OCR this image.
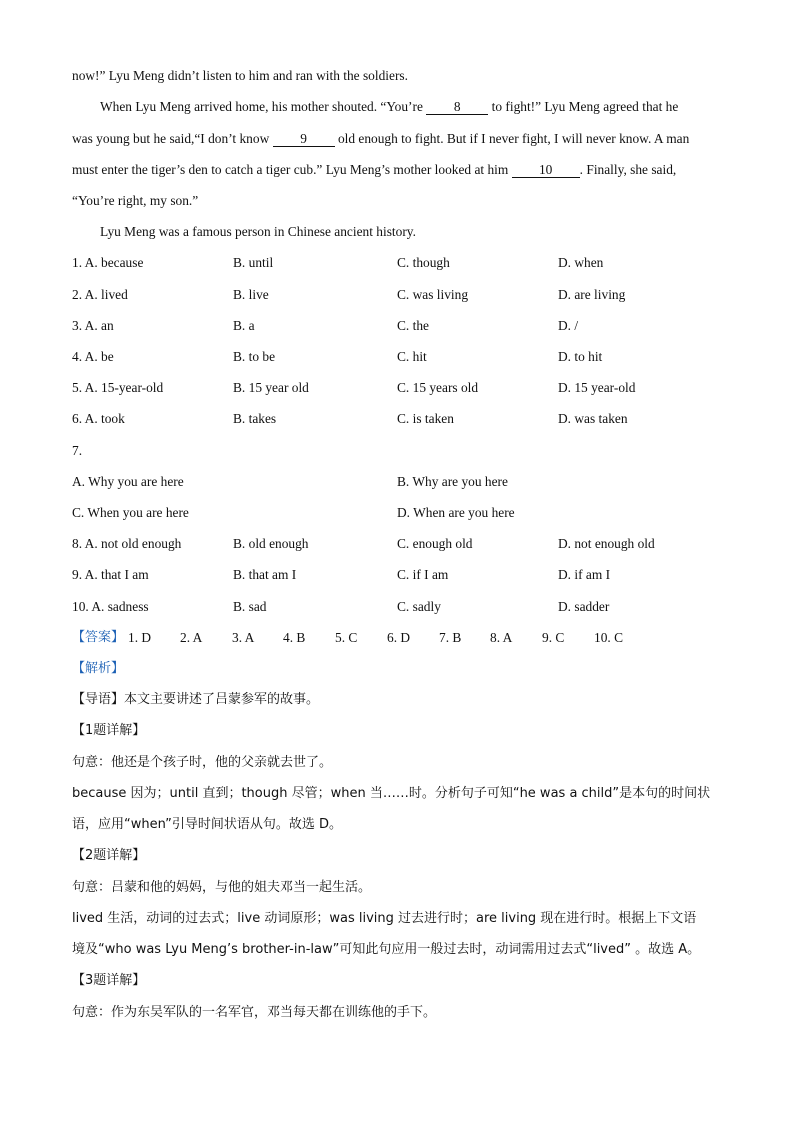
now!” Lyu Meng didn’t listen to him and ran with the soldiers.
When Lyu Meng arrived home, his mother shouted. “You’re 8 to fight!” Lyu Meng agreed that he
was young but he said,“I don’t know 9 old enough to fight. But if I never fight, I will never know. A man
must enter the tiger’s den to catch a tiger cub.” Lyu Meng’s mother looked at him 10 . Finally, she said,
“You’re right, my son.”
Lyu Meng was a famous person in Chinese ancient history.
1. A. because	B. until	C. though	D. when
2. A. lived	B. live	C. was living	D. are living
3. A. an	B. a	C. the	D. /
4. A. be	B. to be	C. hit	D. to hit
5. A. 15-year-old	B. 15 year old	C. 15 years old	D. 15 year-old
6. A. took	B. takes	C. is taken	D. was taken
7.
A. Why you are here	B. Why are you here
C. When you are here	D. When are you here
8. A. not old enough	B. old enough	C. enough old	D. not enough old
9. A. that I am	B. that am I	C. if I am	D. if am I
10. A. sadness	B. sad	C. sadly	D. sadder
【答案】 1. D 2. A 3. A 4. B 5. C 6. D 7. B 8. A 9. C 10. C
【解析】
【导语】本文主要讲述了吕蒙参军的故事。
【1题详解】
句意：他还是个孩子时，他的父亲就去世了。
because 因为；until 直到；though 尽管；when 当……时。分析句子可知“he was a child”是本句的时间状
语，应用“when”引导时间状语从句。故选 D。
【2题详解】
句意：吕蒙和他的妈妈，与他的姐夫邓当一起生活。
lived 生活，动词的过去式；live 动词原形；was living 过去进行时；are living 现在进行时。根据上下文语
境及“who was Lyu Meng’s brother-in-law”可知此句应用一般过去时，动词需用过去式“lived” 。故选 A。
【3题详解】
句意：作为东吴军队的一名军官，邓当每天都在训练他的手下。
